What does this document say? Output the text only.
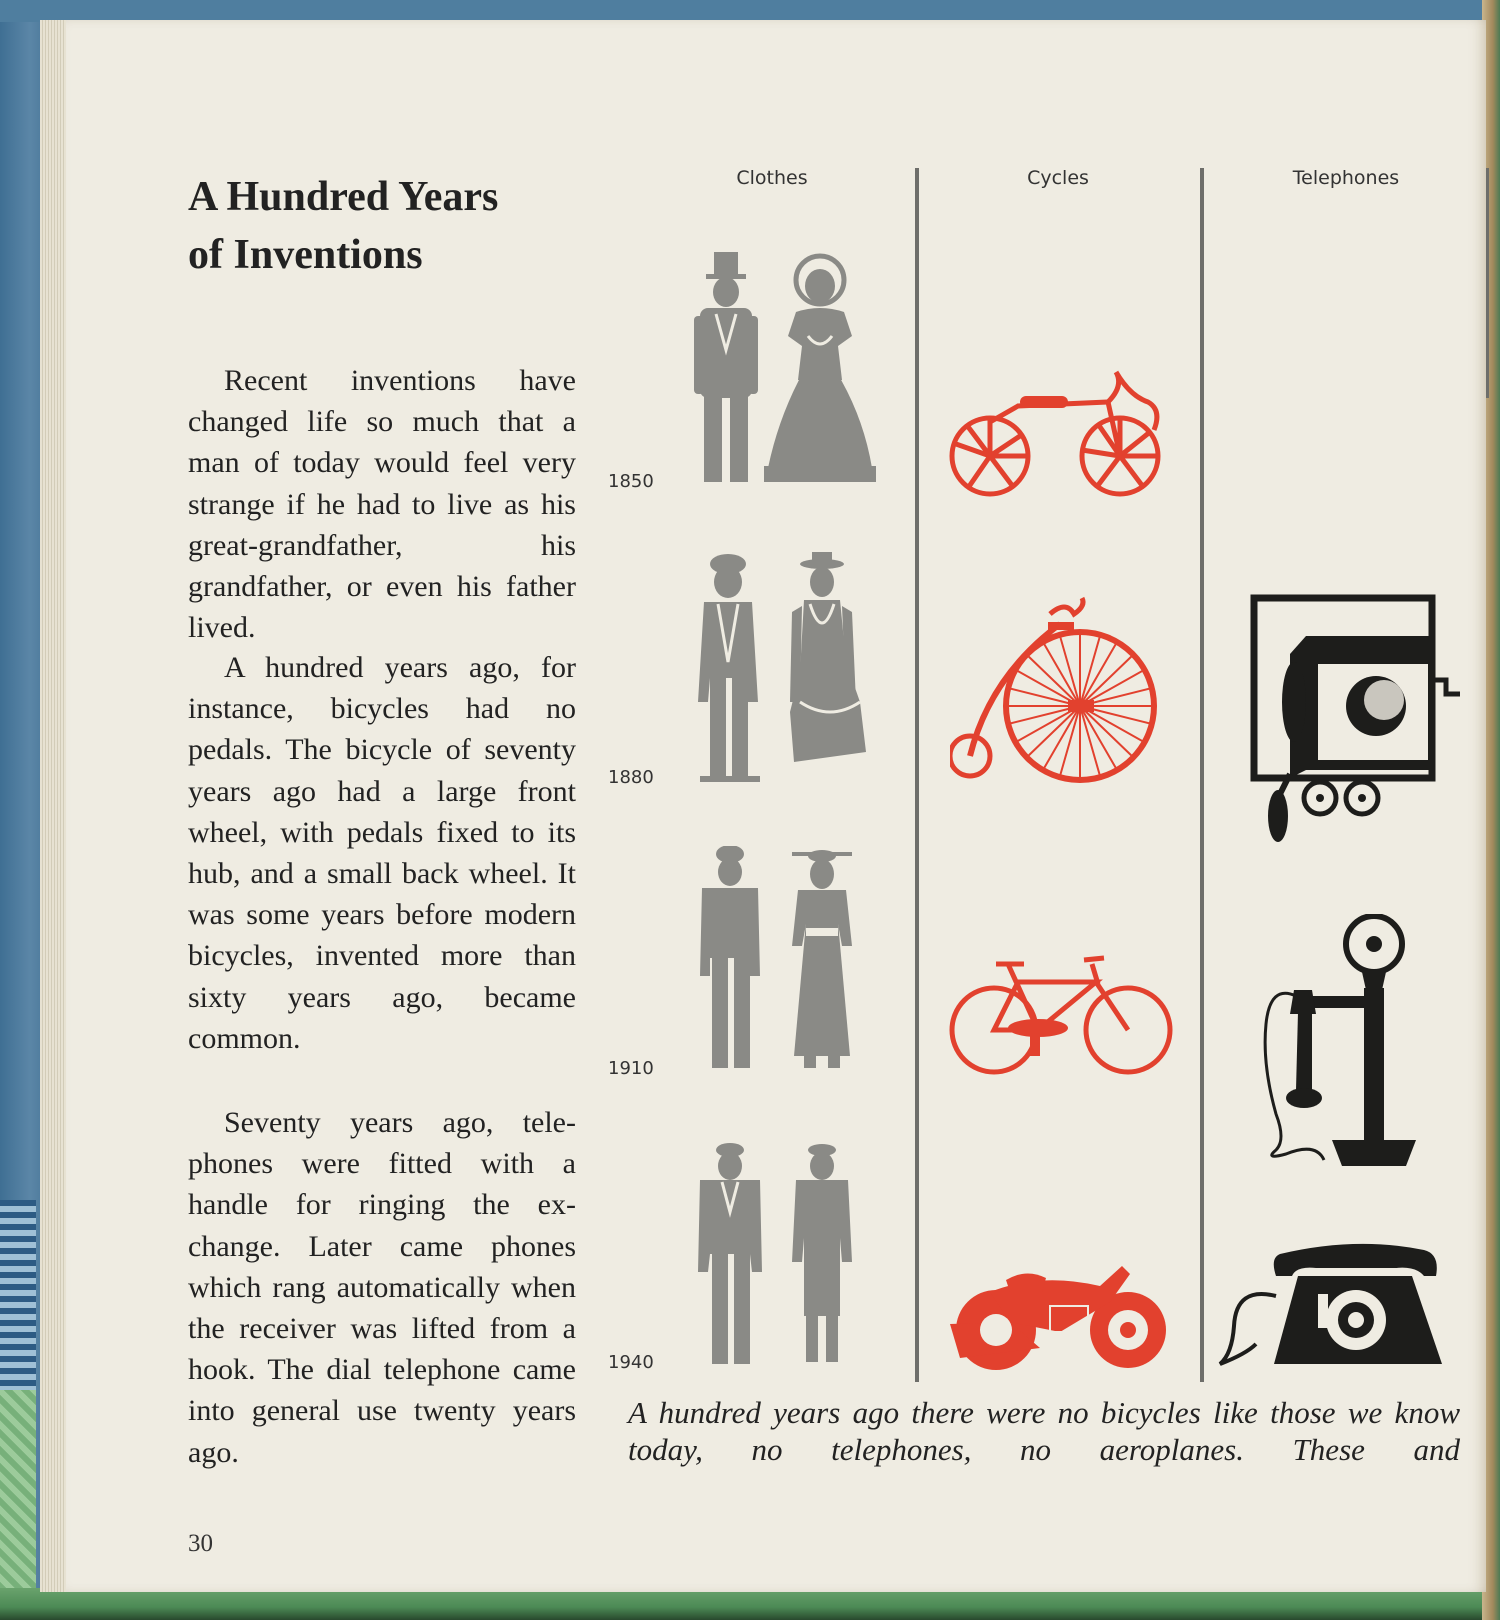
A Hundred Years
of Inventions

Recent inventions have changed life so much that a man of today would feel very strange if he had to live as his great-grandfather, his grandfather, or even his father lived.

A hundred years ago, for instance, bicycles had no pedals. The bicycle of seventy years ago had a large front wheel, with pedals fixed to its hub, and a small back wheel. It was some years before modern bicycles, invented more than sixty years ago, became common.

Seventy years ago, telephones were fitted with a handle for ringing the exchange. Later came phones which rang automatically when the receiver was lifted from a hook. The dial telephone came into general use twenty years ago.

30
Clothes	Cycles	Telephones
1850
1880
1910
1940

A hundred years ago there were no bicycles like those we know today, no telephones, no aeroplanes. These and
